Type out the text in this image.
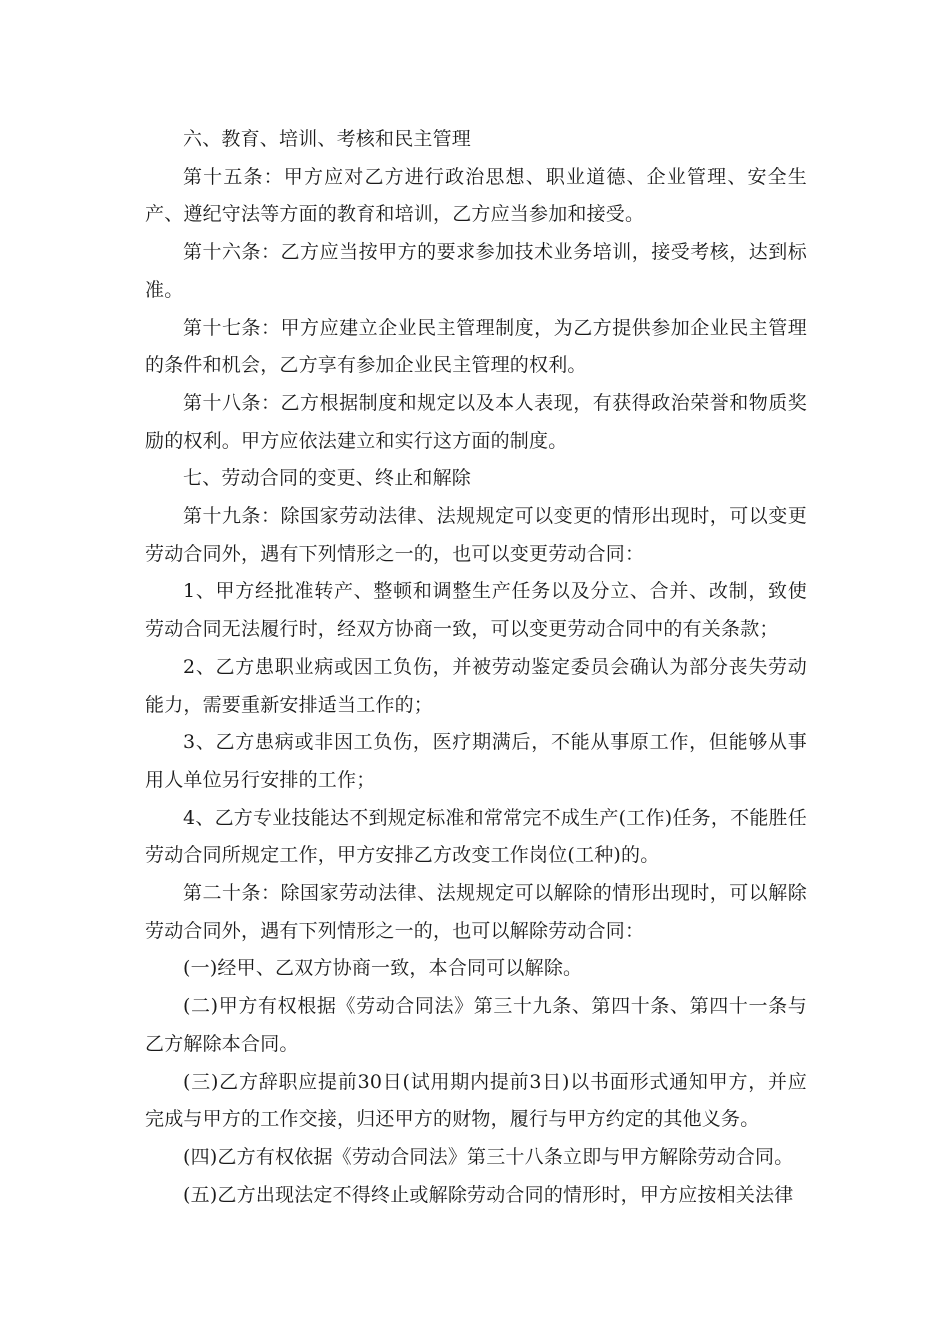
六、教育、培训、考核和民主管理

第十五条：甲方应对乙方进行政治思想、职业道德、企业管理、安全生产、遵纪守法等方面的教育和培训，乙方应当参加和接受。

第十六条：乙方应当按甲方的要求参加技术业务培训，接受考核，达到标准。

第十七条：甲方应建立企业民主管理制度，为乙方提供参加企业民主管理的条件和机会，乙方享有参加企业民主管理的权利。

第十八条：乙方根据制度和规定以及本人表现，有获得政治荣誉和物质奖励的权利。甲方应依法建立和实行这方面的制度。

七、劳动合同的变更、终止和解除

第十九条：除国家劳动法律、法规规定可以变更的情形出现时，可以变更劳动合同外，遇有下列情形之一的，也可以变更劳动合同：

1、甲方经批准转产、整顿和调整生产任务以及分立、合并、改制，致使劳动合同无法履行时，经双方协商一致，可以变更劳动合同中的有关条款；

2、乙方患职业病或因工负伤，并被劳动鉴定委员会确认为部分丧失劳动能力，需要重新安排适当工作的；

3、乙方患病或非因工负伤，医疗期满后，不能从事原工作，但能够从事用人单位另行安排的工作；

4、乙方专业技能达不到规定标准和常常完不成生产(工作)任务，不能胜任劳动合同所规定工作，甲方安排乙方改变工作岗位(工种)的。

第二十条：除国家劳动法律、法规规定可以解除的情形出现时，可以解除劳动合同外，遇有下列情形之一的，也可以解除劳动合同：

(一)经甲、乙双方协商一致，本合同可以解除。

(二)甲方有权根据《劳动合同法》第三十九条、第四十条、第四十一条与乙方解除本合同。

(三)乙方辞职应提前30日(试用期内提前3日)以书面形式通知甲方，并应完成与甲方的工作交接，归还甲方的财物，履行与甲方约定的其他义务。

(四)乙方有权依据《劳动合同法》第三十八条立即与甲方解除劳动合同。

(五)乙方出现法定不得终止或解除劳动合同的情形时，甲方应按相关法律
